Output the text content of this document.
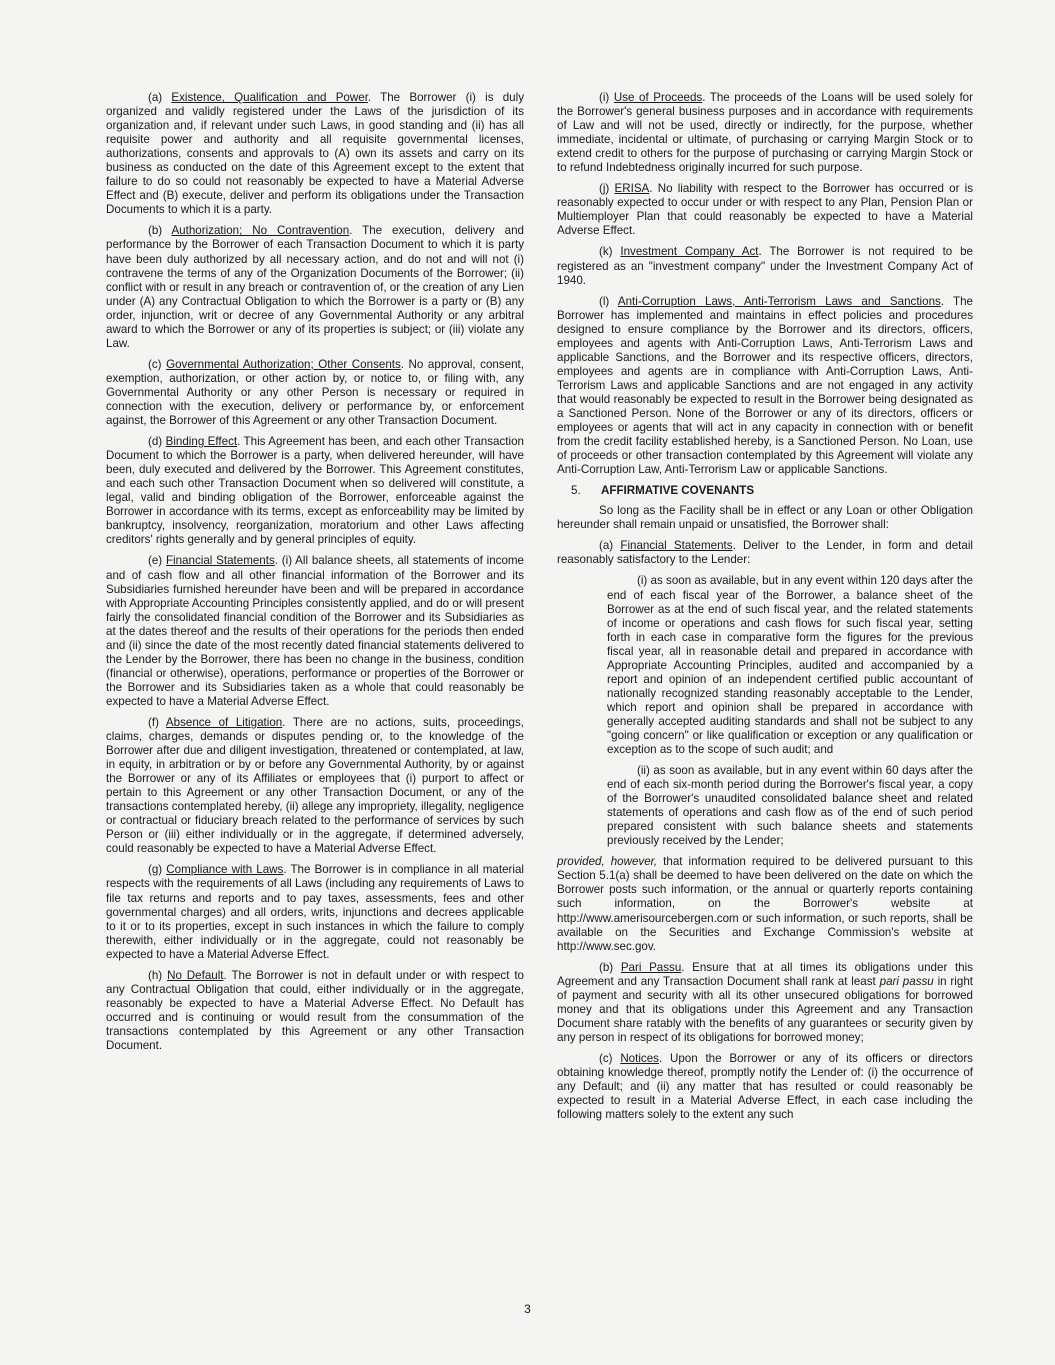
(a) Existence, Qualification and Power. The Borrower (i) is duly organized and validly registered under the Laws of the jurisdiction of its organization and, if relevant under such Laws, in good standing and (ii) has all requisite power and authority and all requisite governmental licenses, authorizations, consents and approvals to (A) own its assets and carry on its business as conducted on the date of this Agreement except to the extent that failure to do so could not reasonably be expected to have a Material Adverse Effect and (B) execute, deliver and perform its obligations under the Transaction Documents to which it is a party.

(b) Authorization; No Contravention. The execution, delivery and performance by the Borrower of each Transaction Document to which it is party have been duly authorized by all necessary action, and do not and will not (i) contravene the terms of any of the Organization Documents of the Borrower; (ii) conflict with or result in any breach or contravention of, or the creation of any Lien under (A) any Contractual Obligation to which the Borrower is a party or (B) any order, injunction, writ or decree of any Governmental Authority or any arbitral award to which the Borrower or any of its properties is subject; or (iii) violate any Law.

(c) Governmental Authorization; Other Consents. No approval, consent, exemption, authorization, or other action by, or notice to, or filing with, any Governmental Authority or any other Person is necessary or required in connection with the execution, delivery or performance by, or enforcement against, the Borrower of this Agreement or any other Transaction Document.

(d) Binding Effect. This Agreement has been, and each other Transaction Document to which the Borrower is a party, when delivered hereunder, will have been, duly executed and delivered by the Borrower. This Agreement constitutes, and each such other Transaction Document when so delivered will constitute, a legal, valid and binding obligation of the Borrower, enforceable against the Borrower in accordance with its terms, except as enforceability may be limited by bankruptcy, insolvency, reorganization, moratorium and other Laws affecting creditors' rights generally and by general principles of equity.

(e) Financial Statements. (i) All balance sheets, all statements of income and of cash flow and all other financial information of the Borrower and its Subsidiaries furnished hereunder have been and will be prepared in accordance with Appropriate Accounting Principles consistently applied, and do or will present fairly the consolidated financial condition of the Borrower and its Subsidiaries as at the dates thereof and the results of their operations for the periods then ended and (ii) since the date of the most recently dated financial statements delivered to the Lender by the Borrower, there has been no change in the business, condition (financial or otherwise), operations, performance or properties of the Borrower or the Borrower and its Subsidiaries taken as a whole that could reasonably be expected to have a Material Adverse Effect.

(f) Absence of Litigation. There are no actions, suits, proceedings, claims, charges, demands or disputes pending or, to the knowledge of the Borrower after due and diligent investigation, threatened or contemplated, at law, in equity, in arbitration or by or before any Governmental Authority, by or against the Borrower or any of its Affiliates or employees that (i) purport to affect or pertain to this Agreement or any other Transaction Document, or any of the transactions contemplated hereby, (ii) allege any impropriety, illegality, negligence or contractual or fiduciary breach related to the performance of services by such Person or (iii) either individually or in the aggregate, if determined adversely, could reasonably be expected to have a Material Adverse Effect.

(g) Compliance with Laws. The Borrower is in compliance in all material respects with the requirements of all Laws (including any requirements of Laws to file tax returns and reports and to pay taxes, assessments, fees and other governmental charges) and all orders, writs, injunctions and decrees applicable to it or to its properties, except in such instances in which the failure to comply therewith, either individually or in the aggregate, could not reasonably be expected to have a Material Adverse Effect.

(h) No Default. The Borrower is not in default under or with respect to any Contractual Obligation that could, either individually or in the aggregate, reasonably be expected to have a Material Adverse Effect. No Default has occurred and is continuing or would result from the consummation of the transactions contemplated by this Agreement or any other Transaction Document.

(i) Use of Proceeds. The proceeds of the Loans will be used solely for the Borrower's general business purposes and in accordance with requirements of Law and will not be used, directly or indirectly, for the purpose, whether immediate, incidental or ultimate, of purchasing or carrying Margin Stock or to extend credit to others for the purpose of purchasing or carrying Margin Stock or to refund Indebtedness originally incurred for such purpose.

(j) ERISA. No liability with respect to the Borrower has occurred or is reasonably expected to occur under or with respect to any Plan, Pension Plan or Multiemployer Plan that could reasonably be expected to have a Material Adverse Effect.

(k) Investment Company Act. The Borrower is not required to be registered as an "investment company" under the Investment Company Act of 1940.

(l) Anti-Corruption Laws, Anti-Terrorism Laws and Sanctions. The Borrower has implemented and maintains in effect policies and procedures designed to ensure compliance by the Borrower and its directors, officers, employees and agents with Anti-Corruption Laws, Anti-Terrorism Laws and applicable Sanctions, and the Borrower and its respective officers, directors, employees and agents are in compliance with Anti-Corruption Laws, Anti-Terrorism Laws and applicable Sanctions and are not engaged in any activity that would reasonably be expected to result in the Borrower being designated as a Sanctioned Person. None of the Borrower or any of its directors, officers or employees or agents that will act in any capacity in connection with or benefit from the credit facility established hereby, is a Sanctioned Person. No Loan, use of proceeds or other transaction contemplated by this Agreement will violate any Anti-Corruption Law, Anti-Terrorism Law or applicable Sanctions.

5. AFFIRMATIVE COVENANTS

So long as the Facility shall be in effect or any Loan or other Obligation hereunder shall remain unpaid or unsatisfied, the Borrower shall:

(a) Financial Statements. Deliver to the Lender, in form and detail reasonably satisfactory to the Lender:

(i) as soon as available, but in any event within 120 days after the end of each fiscal year of the Borrower, a balance sheet of the Borrower as at the end of such fiscal year, and the related statements of income or operations and cash flows for such fiscal year, setting forth in each case in comparative form the figures for the previous fiscal year, all in reasonable detail and prepared in accordance with Appropriate Accounting Principles, audited and accompanied by a report and opinion of an independent certified public accountant of nationally recognized standing reasonably acceptable to the Lender, which report and opinion shall be prepared in accordance with generally accepted auditing standards and shall not be subject to any "going concern" or like qualification or exception or any qualification or exception as to the scope of such audit; and

(ii) as soon as available, but in any event within 60 days after the end of each six-month period during the Borrower's fiscal year, a copy of the Borrower's unaudited consolidated balance sheet and related statements of operations and cash flow as of the end of such period prepared consistent with such balance sheets and statements previously received by the Lender;

provided, however, that information required to be delivered pursuant to this Section 5.1(a) shall be deemed to have been delivered on the date on which the Borrower posts such information, or the annual or quarterly reports containing such information, on the Borrower's website at http://www.amerisourcebergen.com or such information, or such reports, shall be available on the Securities and Exchange Commission's website at http://www.sec.gov.

(b) Pari Passu. Ensure that at all times its obligations under this Agreement and any Transaction Document shall rank at least pari passu in right of payment and security with all its other unsecured obligations for borrowed money and that its obligations under this Agreement and any Transaction Document share ratably with the benefits of any guarantees or security given by any person in respect of its obligations for borrowed money;

(c) Notices. Upon the Borrower or any of its officers or directors obtaining knowledge thereof, promptly notify the Lender of: (i) the occurrence of any Default; and (ii) any matter that has resulted or could reasonably be expected to result in a Material Adverse Effect, in each case including the following matters solely to the extent any such

3
